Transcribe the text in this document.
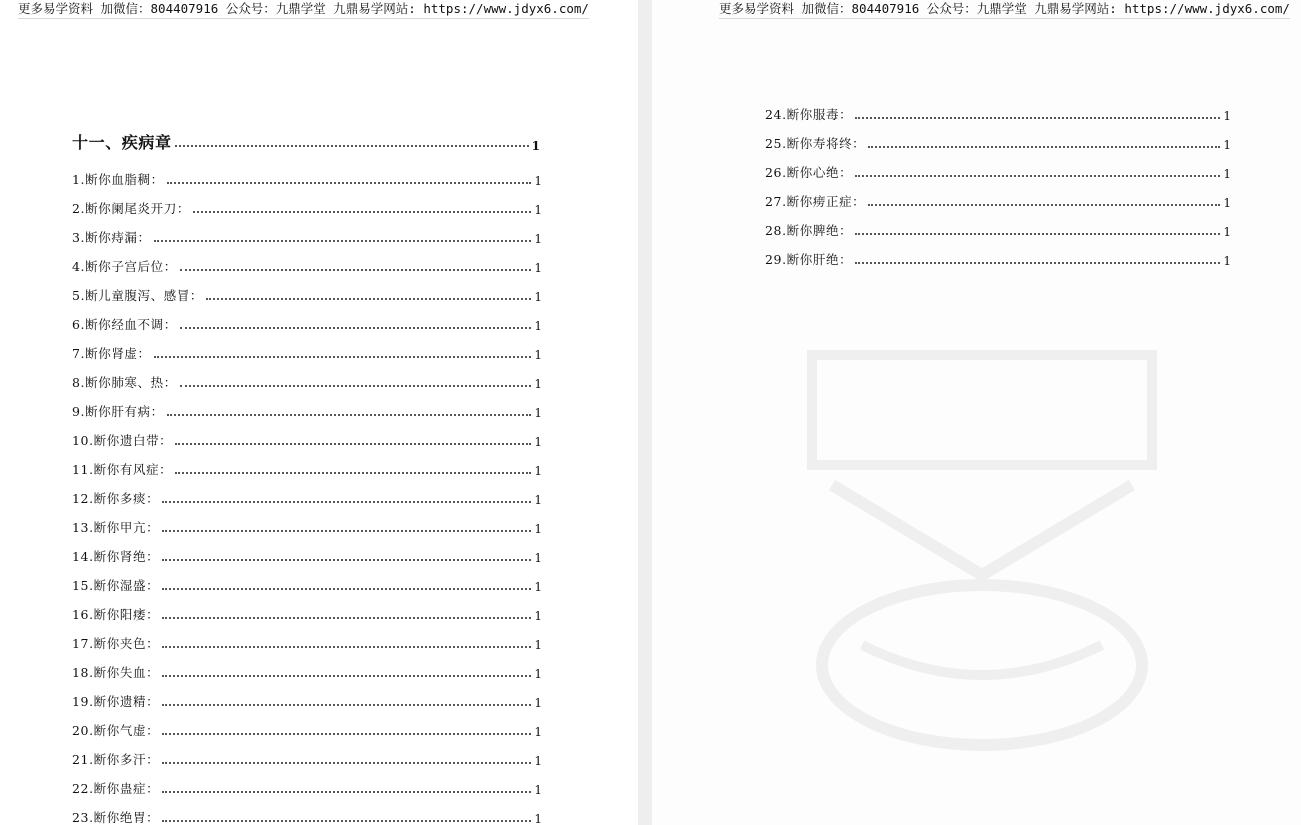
更多易学资料 加微信：804407916 公众号：九鼎学堂 九鼎易学网站: https://www.jdyx6.com/
十一、疾病章	1
1.断你血脂稠：	1
2.断你阑尾炎开刀：	1
3.断你痔漏：	1
4.断你子宫后位：	1
5.断儿童腹泻、感冒：	1
6.断你经血不调：	1
7.断你肾虚：	1
8.断你肺寒、热：	1
9.断你肝有病：	1
10.断你遗白带：	1
11.断你有风症：	1
12.断你多痰：	1
13.断你甲亢：	1
14.断你肾绝：	1
15.断你湿盛：	1
16.断你阳痿：	1
17.断你夹色：	1
18.断你失血：	1
19.断你遗精：	1
20.断你气虚：	1
21.断你多汗：	1
22.断你蛊症：	1
23.断你绝胃：	1
更多易学资料 加微信：804407916 公众号：九鼎学堂 九鼎易学网站: https://www.jdyx6.com/
24.断你服毒：	1
25.断你寿将终：	1
26.断你心绝：	1
27.断你痨正症：	1
28.断你脾绝：	1
29.断你肝绝：	1
